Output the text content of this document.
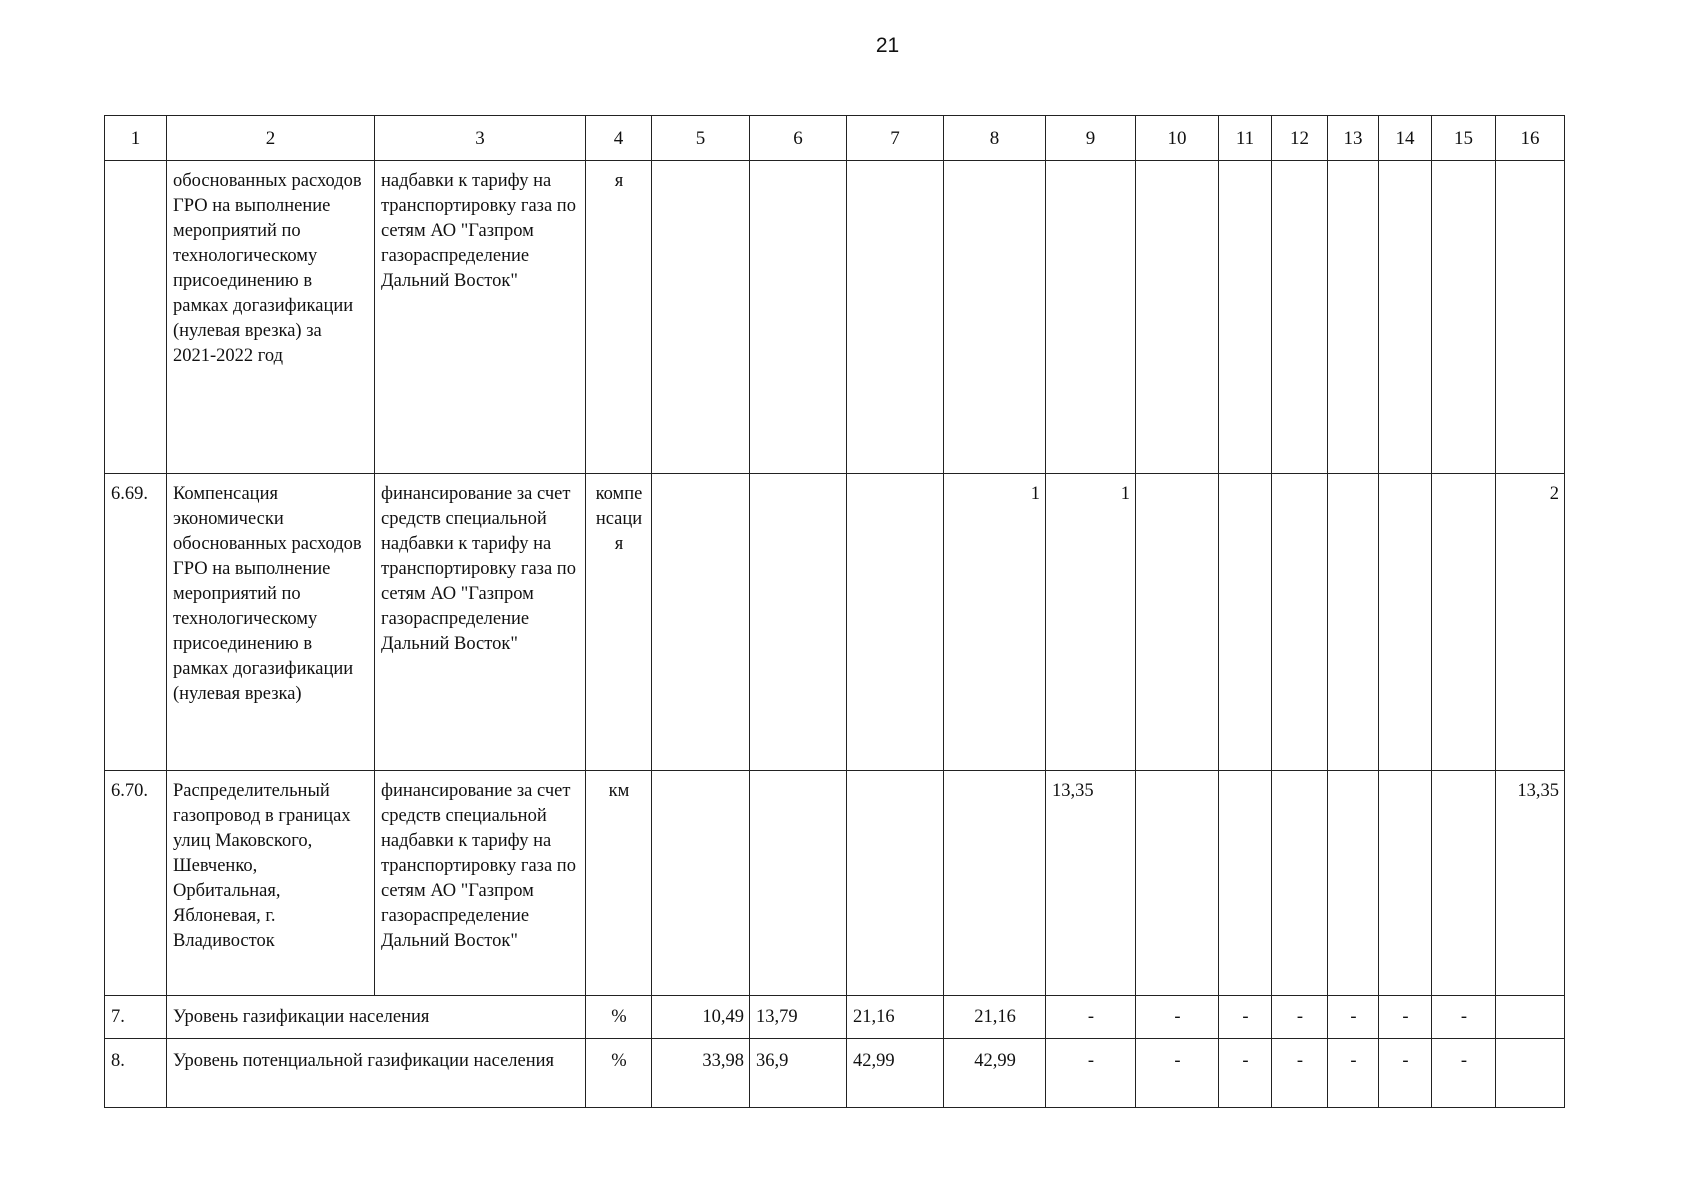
21
1	2	3	4	5	6	7	8	9	10	11	12	13	14	15	16
	обоснованных расходов ГРО на выполнение мероприятий по технологическому присоединению в рамках догазификации (нулевая врезка) за 2021-2022 год	надбавки к тарифу на транспортировку газа по сетям АО "Газпром газораспределение Дальний Восток"	я												
6.69.	Компенсация экономически обоснованных расходов ГРО на выполнение мероприятий по технологическому присоединению в рамках догазификации (нулевая врезка)	финансирование за счет средств специальной надбавки к тарифу на транспортировку газа по сетям АО "Газпром газораспределение Дальний Восток"	компе нсаци я				1	1							2
6.70.	Распределительный газопровод в границах улиц Маковского, Шевченко, Орбитальная, Яблоневая, г. Владивосток	финансирование за счет средств специальной надбавки к тарифу на транспортировку газа по сетям АО "Газпром газораспределение Дальний Восток"	км					13,35							13,35
7.	Уровень газификации населения		%	10,49	13,79	21,16	21,16	-	-	-	-	-	-	-	
8.	Уровень потенциальной газификации населения		%	33,98	36,9	42,99	42,99	-	-	-	-	-	-	-	
